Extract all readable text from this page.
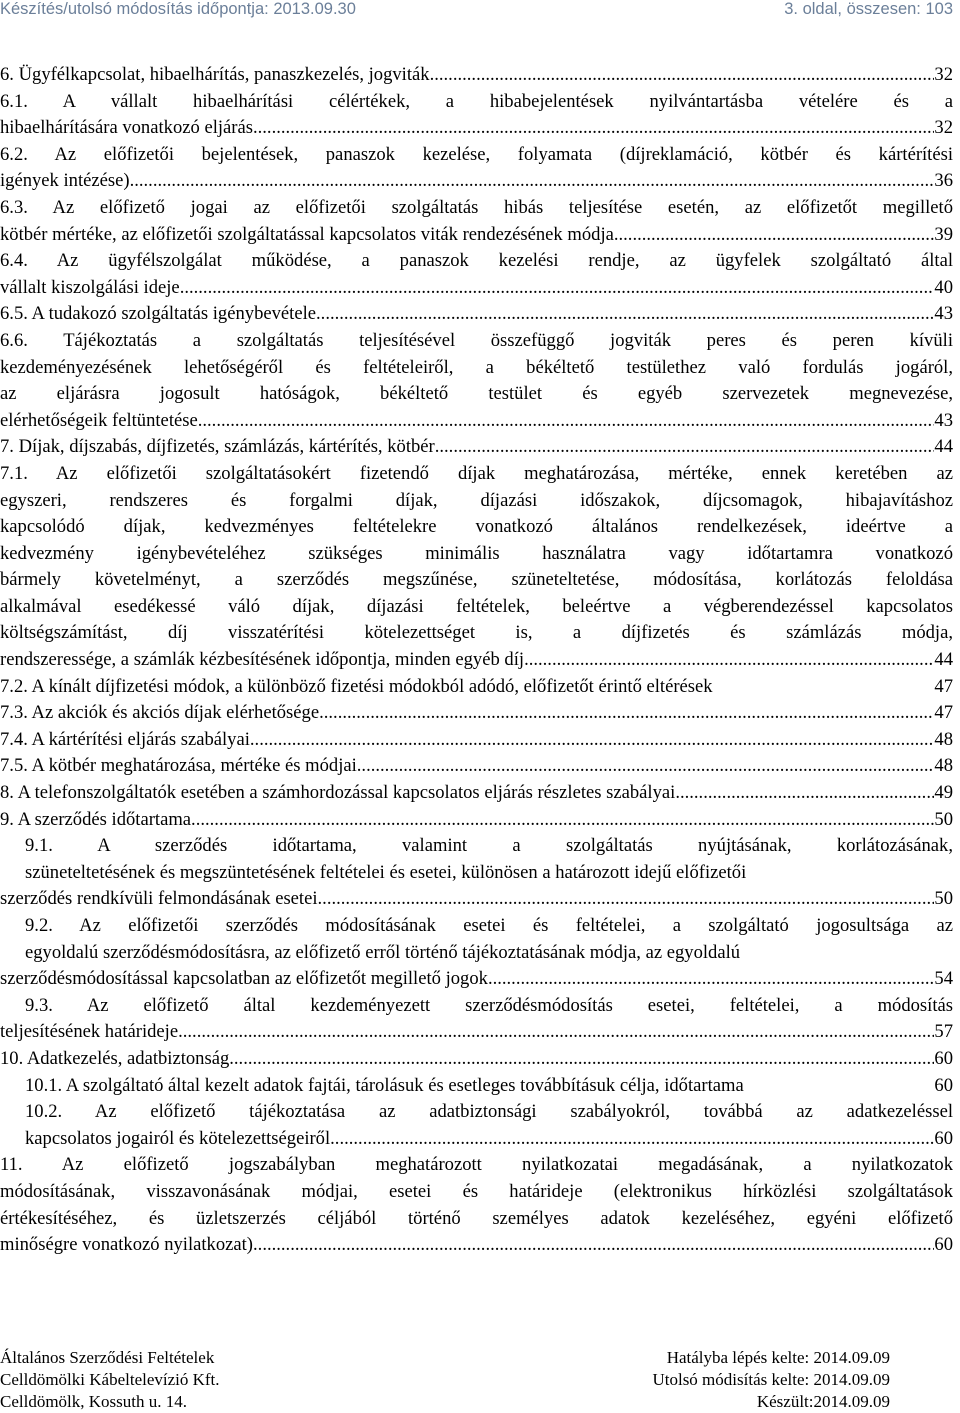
Készítés/utolsó módosítás időpontja: 2013.09.30	3. oldal, összesen: 103
6. Ügyfélkapcsolat, hibaelhárítás, panaszkezelés, jogviták .....	32
6.1. A vállalt hibaelhárítási célértékek, a hibabejelentések nyilvántartásba vételére és a
hibaelhárítására vonatkozó eljárás .....	32
6.2. Az előfizetői bejelentések, panaszok kezelése, folyamata (díjreklamáció, kötbér és kártérítési
igények intézése) .....	36
6.3. Az előfizető jogai az előfizetői szolgáltatás hibás teljesítése esetén, az előfizetőt megillető
kötbér mértéke, az előfizetői szolgáltatással kapcsolatos viták rendezésének módja .....	39
6.4. Az ügyfélszolgálat működése, a panaszok kezelési rendje, az ügyfelek szolgáltató által
vállalt kiszolgálási ideje .....	40
6.5. A tudakozó szolgáltatás igénybevétele .....	43
6.6. Tájékoztatás a szolgáltatás teljesítésével összefüggő jogviták peres és peren kívüli
kezdeményezésének lehetőségéről és feltételeiről, a békéltető testülethez való fordulás jogáról,
az eljárásra jogosult hatóságok, békéltető testület és egyéb szervezetek megnevezése,
elérhetőségeik feltüntetése .....	43
7. Díjak, díjszabás, díjfizetés, számlázás, kártérítés, kötbér .....	44
7.1. Az előfizetői szolgáltatásokért fizetendő díjak meghatározása, mértéke, ennek keretében az
egyszeri, rendszeres és forgalmi díjak, díjazási időszakok, díjcsomagok, hibajavításhoz
kapcsolódó díjak, kedvezményes feltételekre vonatkozó általános rendelkezések, ideértve a
kedvezmény igénybevételéhez szükséges minimális használatra vagy időtartamra vonatkozó
bármely követelményt, a szerződés megszűnése, szüneteltetése, módosítása, korlátozás feloldása
alkalmával esedékessé váló díjak, díjazási feltételek, beleértve a végberendezéssel kapcsolatos
költségszámítást, díj visszatérítési kötelezettséget is, a díjfizetés és számlázás módja,
rendszeressége, a számlák kézbesítésének időpontja, minden egyéb díj .....	44
7.2. A kínált díjfizetési módok, a különböző fizetési módokból adódó, előfizetőt érintő eltérések	47
7.3. Az akciók és akciós díjak elérhetősége .....	47
7.4. A kártérítési eljárás szabályai .....	48
7.5. A kötbér meghatározása, mértéke és módjai .....	48
8. A telefonszolgáltatók esetében a számhordozással kapcsolatos eljárás részletes szabályai .....	49
9. A szerződés időtartama .....	50
9.1. A szerződés időtartama, valamint a szolgáltatás nyújtásának, korlátozásának,
szüneteltetésének és megszüntetésének feltételei és esetei, különösen a határozott idejű előfizetői
szerződés rendkívüli felmondásának esetei .....	50
9.2. Az előfizetői szerződés módosításának esetei és feltételei, a szolgáltató jogosultsága az
egyoldalú szerződésmódosításra, az előfizető erről történő tájékoztatásának módja, az egyoldalú
szerződésmódosítással kapcsolatban az előfizetőt megillető jogok .....	54
9.3. Az előfizető által kezdeményezett szerződésmódosítás esetei, feltételei, a módosítás
teljesítésének határideje .....	57
10. Adatkezelés, adatbiztonság .....	60
10.1. A szolgáltató által kezelt adatok fajtái, tárolásuk és esetleges továbbításuk célja, időtartama	60
10.2. Az előfizető tájékoztatása az adatbiztonsági szabályokról, továbbá az adatkezeléssel
kapcsolatos jogairól és kötelezettségeiről .....	60
11. Az előfizető jogszabályban meghatározott nyilatkozatai megadásának, a nyilatkozatok
módosításának, visszavonásának módjai, esetei és határideje (elektronikus hírközlési szolgáltatások
értékesítéséhez, és üzletszerzés céljából történő személyes adatok kezeléséhez, egyéni előfizető
minőségre vonatkozó nyilatkozat) .....	60
Általános Szerződési Feltételek	Hatályba lépés kelte: 2014.09.09
Celldömölki Kábeltelevízió Kft.	Utolsó módisítás kelte: 2014.09.09
Celldömölk, Kossuth u. 14.	Készült:2014.09.09
